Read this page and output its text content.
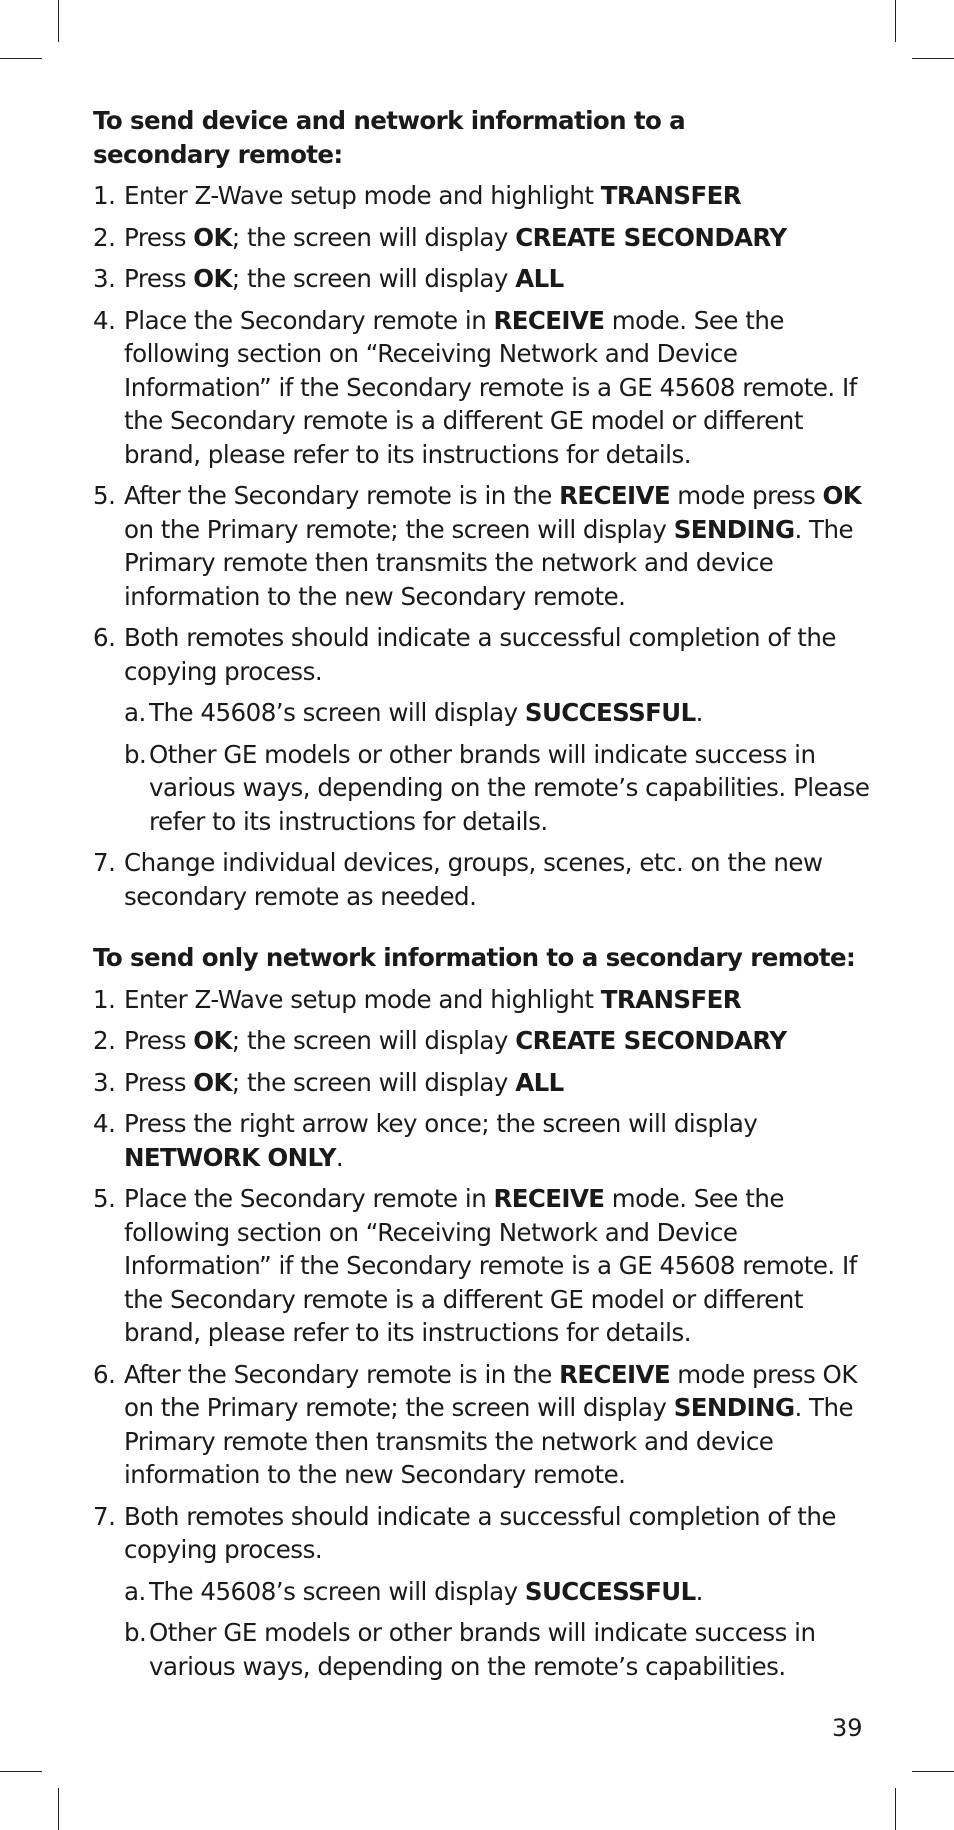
To send device and network information to a secondary remote:
1. Enter Z-Wave setup mode and highlight TRANSFER
2. Press OK; the screen will display CREATE SECONDARY
3. Press OK; the screen will display ALL
4. Place the Secondary remote in RECEIVE mode. See the following section on “Receiving Network and Device Information” if the Secondary remote is a GE 45608 remote. If the Secondary remote is a different GE model or different brand, please refer to its instructions for details.
5. After the Secondary remote is in the RECEIVE mode press OK on the Primary remote; the screen will display SENDING. The Primary remote then transmits the network and device information to the new Secondary remote.
6. Both remotes should indicate a successful completion of the copying process.
a. The 45608’s screen will display SUCCESSFUL.
b. Other GE models or other brands will indicate success in various ways, depending on the remote’s capabilities. Please refer to its instructions for details.
7. Change individual devices, groups, scenes, etc. on the new secondary remote as needed.
To send only network information to a secondary remote:
1. Enter Z-Wave setup mode and highlight TRANSFER
2. Press OK; the screen will display CREATE SECONDARY
3. Press OK; the screen will display ALL
4. Press the right arrow key once; the screen will display NETWORK ONLY.
5. Place the Secondary remote in RECEIVE mode. See the following section on “Receiving Network and Device Information” if the Secondary remote is a GE 45608 remote. If the Secondary remote is a different GE model or different brand, please refer to its instructions for details.
6. After the Secondary remote is in the RECEIVE mode press OK on the Primary remote; the screen will display SENDING. The Primary remote then transmits the network and device information to the new Secondary remote.
7. Both remotes should indicate a successful completion of the copying process.
a. The 45608’s screen will display SUCCESSFUL.
b. Other GE models or other brands will indicate success in various ways, depending on the remote’s capabilities.
39
